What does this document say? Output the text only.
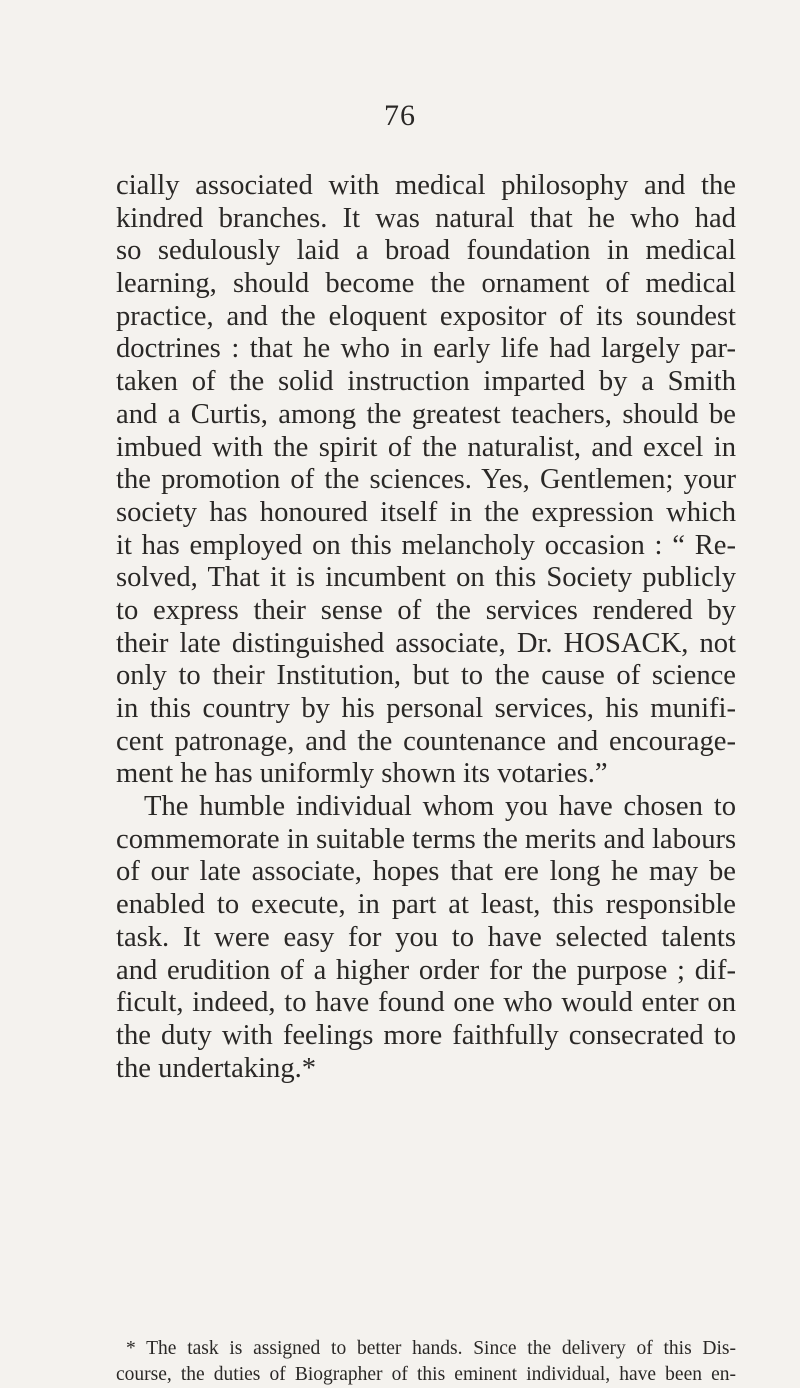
76
cially associated with medical philosophy and the
kindred branches. It was natural that he who had
so sedulously laid a broad foundation in medical
learning, should become the ornament of medical
practice, and the eloquent expositor of its soundest
doctrines : that he who in early life had largely par-
taken of the solid instruction imparted by a Smith
and a Curtis, among the greatest teachers, should be
imbued with the spirit of the naturalist, and excel in
the promotion of the sciences. Yes, Gentlemen; your
society has honoured itself in the expression which
it has employed on this melancholy occasion : “ Re-
solved, That it is incumbent on this Society publicly
to express their sense of the services rendered by
their late distinguished associate, Dr. HOSACK, not
only to their Institution, but to the cause of science
in this country by his personal services, his munifi-
cent patronage, and the countenance and encourage-
ment he has uniformly shown its votaries.”
The humble individual whom you have chosen to
commemorate in suitable terms the merits and labours
of our late associate, hopes that ere long he may be
enabled to execute, in part at least, this responsible
task. It were easy for you to have selected talents
and erudition of a higher order for the purpose ; dif-
ficult, indeed, to have found one who would enter on
the duty with feelings more faithfully consecrated to
the undertaking.*
* The task is assigned to better hands. Since the delivery of this Dis-
course, the duties of Biographer of this eminent individual, have been en-
